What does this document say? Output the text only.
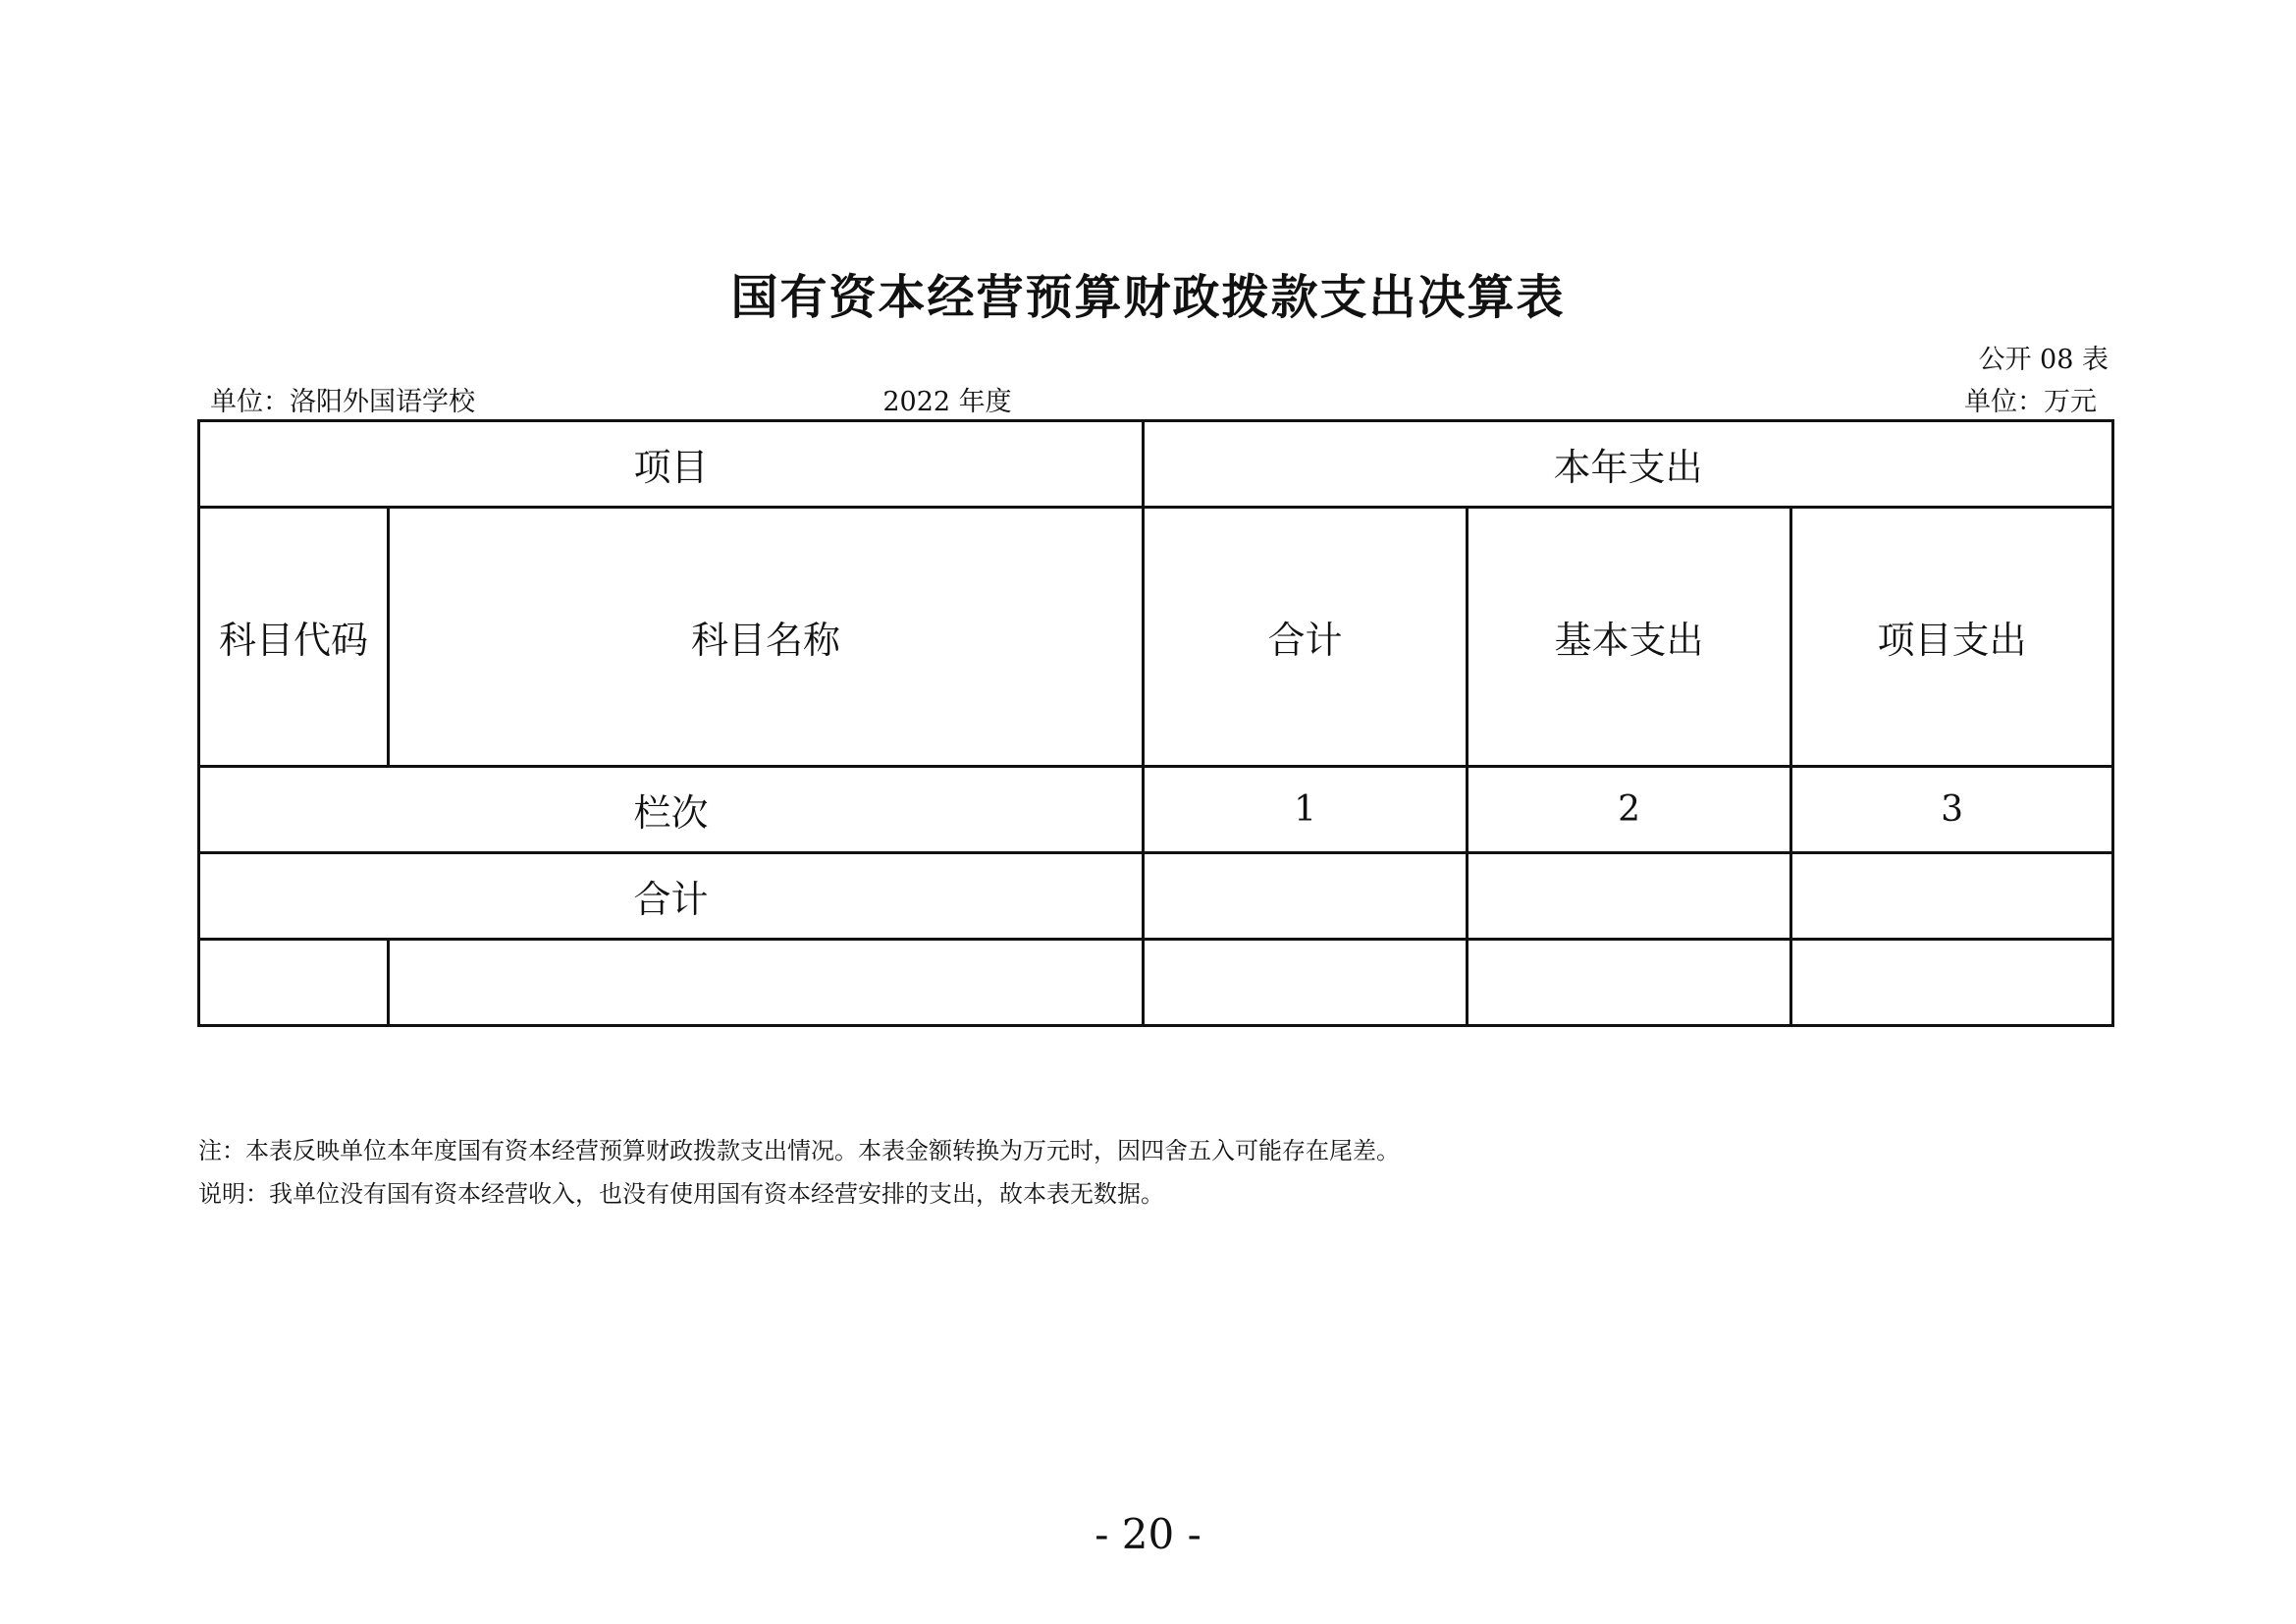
国有资本经营预算财政拨款支出决算表
公开 08 表
单位：洛阳外国语学校	2022 年度	单位：万元
项目		本年支出		
科目代码	科目名称	合计	基本支出	项目支出
栏次		1	2	3
合计				

注：本表反映单位本年度国有资本经营预算财政拨款支出情况。本表金额转换为万元时，因四舍五入可能存在尾差。
说明：我单位没有国有资本经营收入，也没有使用国有资本经营安排的支出，故本表无数据。
- 20 -
